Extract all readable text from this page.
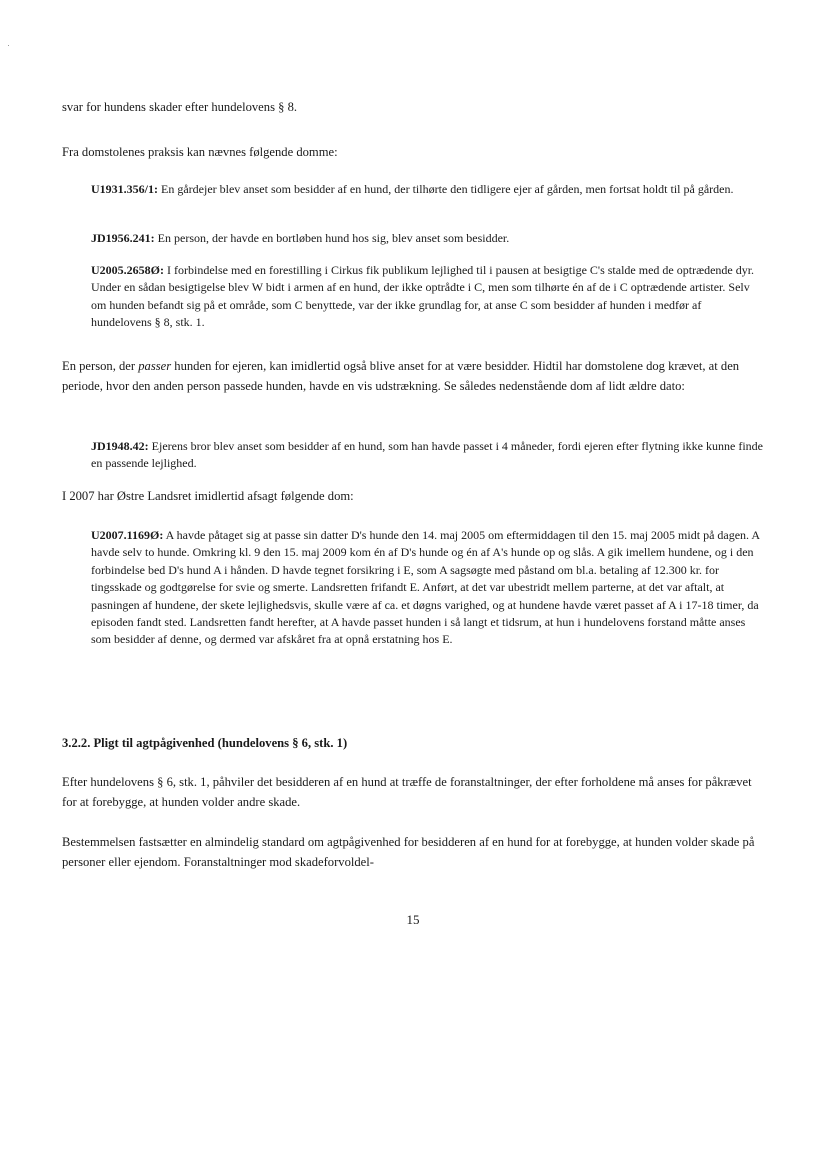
svar for hundens skader efter hundelovens § 8.

Fra domstolenes praksis kan nævnes følgende domme:

U1931.356/1: En gårdejer blev anset som besidder af en hund, der tilhørte den tidligere ejer af gården, men fortsat holdt til på gården.

JD1956.241: En person, der havde en bortløben hund hos sig, blev anset som besidder.

U2005.2658Ø: I forbindelse med en forestilling i Cirkus fik publikum lejlighed til i pausen at besigtige C's stalde med de optrædende dyr. Under en sådan besigtigelse blev W bidt i armen af en hund, der ikke optrådte i C, men som tilhørte én af de i C optrædende artister. Selv om hunden befandt sig på et område, som C benyttede, var der ikke grundlag for, at anse C som besidder af hunden i medfør af hundelovens § 8, stk. 1.

En person, der passer hunden for ejeren, kan imidlertid også blive anset for at være besidder. Hidtil har domstolene dog krævet, at den periode, hvor den anden person passede hunden, havde en vis udstrækning. Se således nedenstående dom af lidt ældre dato:

JD1948.42: Ejerens bror blev anset som besidder af en hund, som han havde passet i 4 måneder, fordi ejeren efter flytning ikke kunne finde en passende lejlighed.

I 2007 har Østre Landsret imidlertid afsagt følgende dom:

U2007.1169Ø: A havde påtaget sig at passe sin datter D's hunde den 14. maj 2005 om eftermiddagen til den 15. maj 2005 midt på dagen. A havde selv to hunde. Omkring kl. 9 den 15. maj 2009 kom én af D's hunde og én af A's hunde op og slås. A gik imellem hundene, og i den forbindelse bed D's hund A i hånden. D havde tegnet forsikring i E, som A sagsøgte med påstand om bl.a. betaling af 12.300 kr. for tingsskade og godtgørelse for svie og smerte. Landsretten frifandt E. Anført, at det var ubestridt mellem parterne, at det var aftalt, at pasningen af hundene, der skete lejlighedsvis, skulle være af ca. et døgns varighed, og at hundene havde været passet af A i 17-18 timer, da episoden fandt sted. Landsretten fandt herefter, at A havde passet hunden i så langt et tidsrum, at hun i hundelovens forstand måtte anses som besidder af denne, og dermed var afskåret fra at opnå erstatning hos E.

3.2.2. Pligt til agtpågivenhed (hundelovens § 6, stk. 1)

Efter hundelovens § 6, stk. 1, påhviler det besidderen af en hund at træffe de foranstaltninger, der efter forholdene må anses for påkrævet for at forebygge, at hunden volder andre skade.

Bestemmelsen fastsætter en almindelig standard om agtpågivenhed for besidderen af en hund for at forebygge, at hunden volder skade på personer eller ejendom. Foranstaltninger mod skadeforvoldel-

15
